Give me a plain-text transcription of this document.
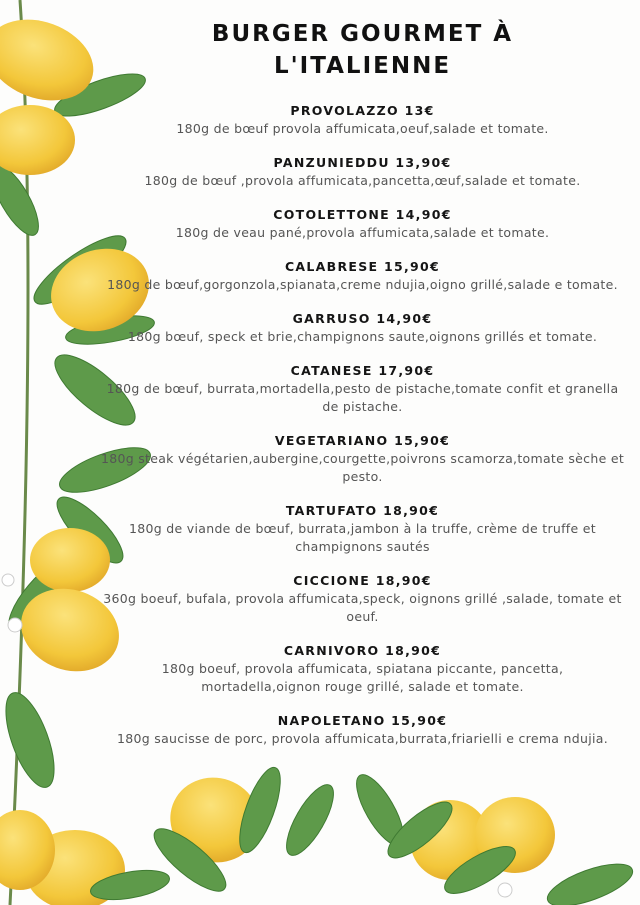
BURGER GOURMET À
L'ITALIENNE
PROVOLAZZO 13€
180g de bœuf provola affumicata,oeuf,salade et tomate.
PANZUNIEDDU 13,90€
180g de bœuf ,provola affumicata,pancetta,œuf,salade et tomate.
COTOLETTONE 14,90€
180g de veau pané,provola affumicata,salade et tomate.
CALABRESE 15,90€
180g de bœuf,gorgonzola,spianata,creme ndujia,oigno grillé,salade e tomate.
GARRUSO 14,90€
180g bœuf, speck et brie,champignons saute,oignons grillés et tomate.
CATANESE 17,90€
180g de bœuf, burrata,mortadella,pesto de pistache,tomate confit et granella de pistache.
VEGETARIANO 15,90€
180g steak végétarien,aubergine,courgette,poivrons scamorza,tomate sèche et pesto.
TARTUFATO 18,90€
180g de viande de bœuf, burrata,jambon à la truffe, crème de truffe et champignons sautés
CICCIONE 18,90€
360g boeuf, bufala, provola affumicata,speck, oignons grillé ,salade, tomate et oeuf.
CARNIVORO 18,90€
180g boeuf, provola affumicata, spiatana piccante, pancetta, mortadella,oignon rouge grillé, salade et tomate.
NAPOLETANO 15,90€
180g saucisse de porc, provola affumicata,burrata,friarielli e crema ndujia.
